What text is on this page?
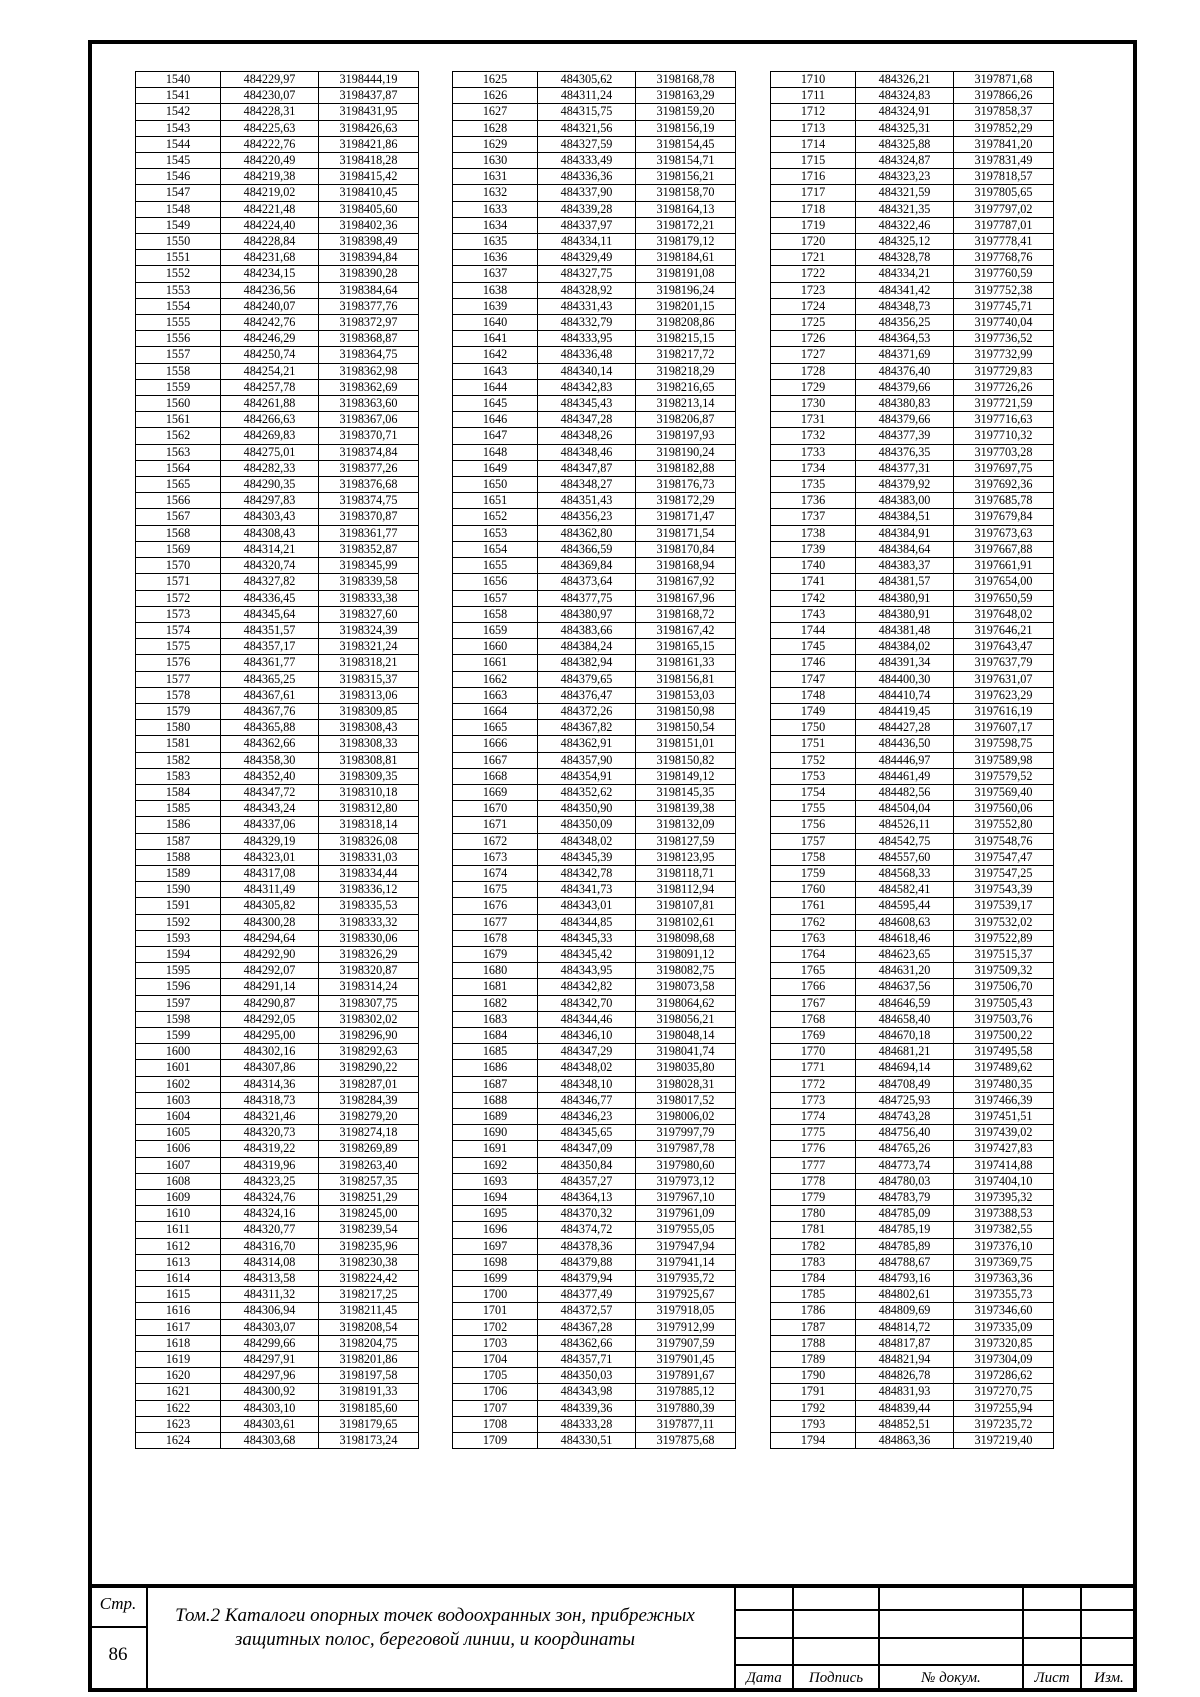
1540	484229,97	3198444,19
1541	484230,07	3198437,87
1542	484228,31	3198431,95
1543	484225,63	3198426,63
1544	484222,76	3198421,86
1545	484220,49	3198418,28
1546	484219,38	3198415,42
1547	484219,02	3198410,45
1548	484221,48	3198405,60
1549	484224,40	3198402,36
1550	484228,84	3198398,49
1551	484231,68	3198394,84
1552	484234,15	3198390,28
1553	484236,56	3198384,64
1554	484240,07	3198377,76
1555	484242,76	3198372,97
1556	484246,29	3198368,87
1557	484250,74	3198364,75
1558	484254,21	3198362,98
1559	484257,78	3198362,69
1560	484261,88	3198363,60
1561	484266,63	3198367,06
1562	484269,83	3198370,71
1563	484275,01	3198374,84
1564	484282,33	3198377,26
1565	484290,35	3198376,68
1566	484297,83	3198374,75
1567	484303,43	3198370,87
1568	484308,43	3198361,77
1569	484314,21	3198352,87
1570	484320,74	3198345,99
1571	484327,82	3198339,58
1572	484336,45	3198333,38
1573	484345,64	3198327,60
1574	484351,57	3198324,39
1575	484357,17	3198321,24
1576	484361,77	3198318,21
1577	484365,25	3198315,37
1578	484367,61	3198313,06
1579	484367,76	3198309,85
1580	484365,88	3198308,43
1581	484362,66	3198308,33
1582	484358,30	3198308,81
1583	484352,40	3198309,35
1584	484347,72	3198310,18
1585	484343,24	3198312,80
1586	484337,06	3198318,14
1587	484329,19	3198326,08
1588	484323,01	3198331,03
1589	484317,08	3198334,44
1590	484311,49	3198336,12
1591	484305,82	3198335,53
1592	484300,28	3198333,32
1593	484294,64	3198330,06
1594	484292,90	3198326,29
1595	484292,07	3198320,87
1596	484291,14	3198314,24
1597	484290,87	3198307,75
1598	484292,05	3198302,02
1599	484295,00	3198296,90
1600	484302,16	3198292,63
1601	484307,86	3198290,22
1602	484314,36	3198287,01
1603	484318,73	3198284,39
1604	484321,46	3198279,20
1605	484320,73	3198274,18
1606	484319,22	3198269,89
1607	484319,96	3198263,40
1608	484323,25	3198257,35
1609	484324,76	3198251,29
1610	484324,16	3198245,00
1611	484320,77	3198239,54
1612	484316,70	3198235,96
1613	484314,08	3198230,38
1614	484313,58	3198224,42
1615	484311,32	3198217,25
1616	484306,94	3198211,45
1617	484303,07	3198208,54
1618	484299,66	3198204,75
1619	484297,91	3198201,86
1620	484297,96	3198197,58
1621	484300,92	3198191,33
1622	484303,10	3198185,60
1623	484303,61	3198179,65
1624	484303,68	3198173,24
1625	484305,62	3198168,78
1626	484311,24	3198163,29
1627	484315,75	3198159,20
1628	484321,56	3198156,19
1629	484327,59	3198154,45
1630	484333,49	3198154,71
1631	484336,36	3198156,21
1632	484337,90	3198158,70
1633	484339,28	3198164,13
1634	484337,97	3198172,21
1635	484334,11	3198179,12
1636	484329,49	3198184,61
1637	484327,75	3198191,08
1638	484328,92	3198196,24
1639	484331,43	3198201,15
1640	484332,79	3198208,86
1641	484333,95	3198215,15
1642	484336,48	3198217,72
1643	484340,14	3198218,29
1644	484342,83	3198216,65
1645	484345,43	3198213,14
1646	484347,28	3198206,87
1647	484348,26	3198197,93
1648	484348,46	3198190,24
1649	484347,87	3198182,88
1650	484348,27	3198176,73
1651	484351,43	3198172,29
1652	484356,23	3198171,47
1653	484362,80	3198171,54
1654	484366,59	3198170,84
1655	484369,84	3198168,94
1656	484373,64	3198167,92
1657	484377,75	3198167,96
1658	484380,97	3198168,72
1659	484383,66	3198167,42
1660	484384,24	3198165,15
1661	484382,94	3198161,33
1662	484379,65	3198156,81
1663	484376,47	3198153,03
1664	484372,26	3198150,98
1665	484367,82	3198150,54
1666	484362,91	3198151,01
1667	484357,90	3198150,82
1668	484354,91	3198149,12
1669	484352,62	3198145,35
1670	484350,90	3198139,38
1671	484350,09	3198132,09
1672	484348,02	3198127,59
1673	484345,39	3198123,95
1674	484342,78	3198118,71
1675	484341,73	3198112,94
1676	484343,01	3198107,81
1677	484344,85	3198102,61
1678	484345,33	3198098,68
1679	484345,42	3198091,12
1680	484343,95	3198082,75
1681	484342,82	3198073,58
1682	484342,70	3198064,62
1683	484344,46	3198056,21
1684	484346,10	3198048,14
1685	484347,29	3198041,74
1686	484348,02	3198035,80
1687	484348,10	3198028,31
1688	484346,77	3198017,52
1689	484346,23	3198006,02
1690	484345,65	3197997,79
1691	484347,09	3197987,78
1692	484350,84	3197980,60
1693	484357,27	3197973,12
1694	484364,13	3197967,10
1695	484370,32	3197961,09
1696	484374,72	3197955,05
1697	484378,36	3197947,94
1698	484379,88	3197941,14
1699	484379,94	3197935,72
1700	484377,49	3197925,67
1701	484372,57	3197918,05
1702	484367,28	3197912,99
1703	484362,66	3197907,59
1704	484357,71	3197901,45
1705	484350,03	3197891,67
1706	484343,98	3197885,12
1707	484339,36	3197880,39
1708	484333,28	3197877,11
1709	484330,51	3197875,68
1710	484326,21	3197871,68
1711	484324,83	3197866,26
1712	484324,91	3197858,37
1713	484325,31	3197852,29
1714	484325,88	3197841,20
1715	484324,87	3197831,49
1716	484323,23	3197818,57
1717	484321,59	3197805,65
1718	484321,35	3197797,02
1719	484322,46	3197787,01
1720	484325,12	3197778,41
1721	484328,78	3197768,76
1722	484334,21	3197760,59
1723	484341,42	3197752,38
1724	484348,73	3197745,71
1725	484356,25	3197740,04
1726	484364,53	3197736,52
1727	484371,69	3197732,99
1728	484376,40	3197729,83
1729	484379,66	3197726,26
1730	484380,83	3197721,59
1731	484379,66	3197716,63
1732	484377,39	3197710,32
1733	484376,35	3197703,28
1734	484377,31	3197697,75
1735	484379,92	3197692,36
1736	484383,00	3197685,78
1737	484384,51	3197679,84
1738	484384,91	3197673,63
1739	484384,64	3197667,88
1740	484383,37	3197661,91
1741	484381,57	3197654,00
1742	484380,91	3197650,59
1743	484380,91	3197648,02
1744	484381,48	3197646,21
1745	484384,02	3197643,47
1746	484391,34	3197637,79
1747	484400,30	3197631,07
1748	484410,74	3197623,29
1749	484419,45	3197616,19
1750	484427,28	3197607,17
1751	484436,50	3197598,75
1752	484446,97	3197589,98
1753	484461,49	3197579,52
1754	484482,56	3197569,40
1755	484504,04	3197560,06
1756	484526,11	3197552,80
1757	484542,75	3197548,76
1758	484557,60	3197547,47
1759	484568,33	3197547,25
1760	484582,41	3197543,39
1761	484595,44	3197539,17
1762	484608,63	3197532,02
1763	484618,46	3197522,89
1764	484623,65	3197515,37
1765	484631,20	3197509,32
1766	484637,56	3197506,70
1767	484646,59	3197505,43
1768	484658,40	3197503,76
1769	484670,18	3197500,22
1770	484681,21	3197495,58
1771	484694,14	3197489,62
1772	484708,49	3197480,35
1773	484725,93	3197466,39
1774	484743,28	3197451,51
1775	484756,40	3197439,02
1776	484765,26	3197427,83
1777	484773,74	3197414,88
1778	484780,03	3197404,10
1779	484783,79	3197395,32
1780	484785,09	3197388,53
1781	484785,19	3197382,55
1782	484785,89	3197376,10
1783	484788,67	3197369,75
1784	484793,16	3197363,36
1785	484802,61	3197355,73
1786	484809,69	3197346,60
1787	484814,72	3197335,09
1788	484817,87	3197320,85
1789	484821,94	3197304,09
1790	484826,78	3197286,62
1791	484831,93	3197270,75
1792	484839,44	3197255,94
1793	484852,51	3197235,72
1794	484863,36	3197219,40
Стр.
86
Том.2 Каталоги опорных точек водоохранных зон, прибрежных
защитных полос, береговой линии, и координаты
Дата	Подпись	№ докум.	Лист	Изм.
